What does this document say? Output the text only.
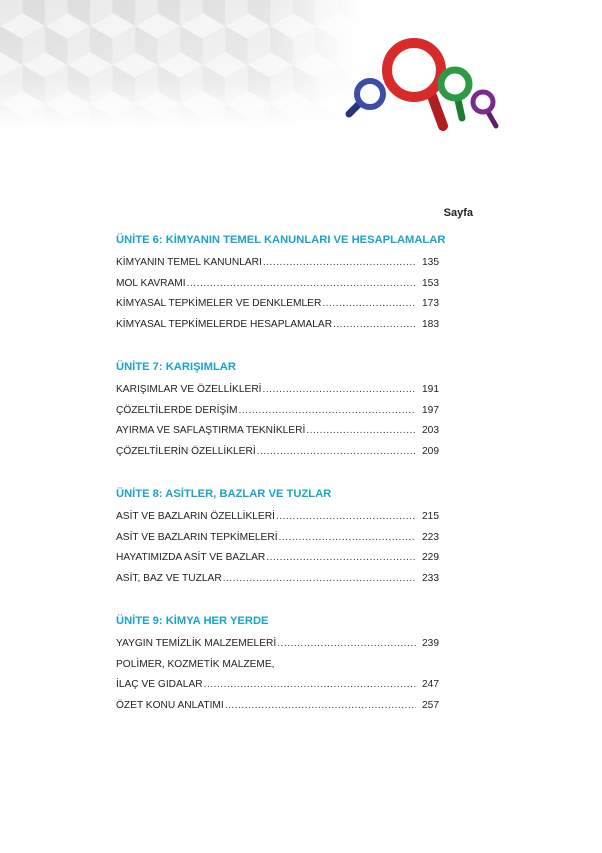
Sayfa
ÜNİTE 6: KİMYANIN TEMEL KANUNLARI VE HESAPLAMALAR
KİMYANIN TEMEL KANUNLARI .....	135
MOL KAVRAMI .....	153
KİMYASAL TEPKİMELER VE DENKLEMLER .....	173
KİMYASAL TEPKİMELERDE HESAPLAMALAR .....	183
ÜNİTE 7: KARIŞIMLAR
KARIŞIMLAR VE ÖZELLİKLERİ .....	191
ÇÖZELTİLERDE DERİŞİM .....	197
AYIRMA VE SAFLAŞTIRMA TEKNİKLERİ .....	203
ÇÖZELTİLERİN ÖZELLİKLERİ .....	209
ÜNİTE 8: ASİTLER, BAZLAR VE TUZLAR
ASİT VE BAZLARIN ÖZELLİKLERİ .....	215
ASİT VE BAZLARIN TEPKİMELERİ .....	223
HAYATIMIZDA ASİT VE BAZLAR .....	229
ASİT, BAZ VE TUZLAR .....	233
ÜNİTE 9: KİMYA HER YERDE
YAYGIN TEMİZLİK MALZEMELERİ .....	239
POLİMER, KOZMETİK MALZEME,
İLAÇ VE GIDALAR .....	247
ÖZET KONU ANLATIMI .....	257
